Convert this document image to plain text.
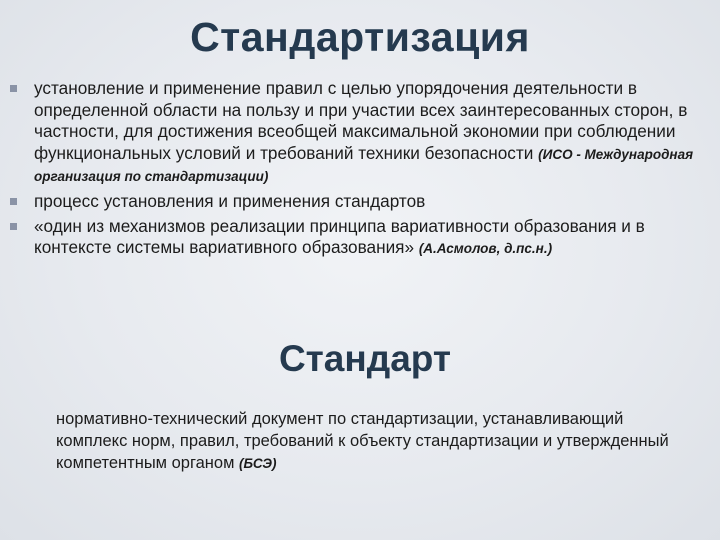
Стандартизация
установление и применение правил с целью упорядочения деятельности в определенной области на пользу и при участии всех заинтересованных сторон, в частности, для достижения всеобщей максимальной экономии при соблюдении функциональных условий и требований техники безопасности (ИСО - Международная организация по стандартизации)
процесс установления и применения стандартов
«один из механизмов реализации принципа вариативности образования и в контексте системы вариативного образования» (А.Асмолов, д.пс.н.)
Стандарт
нормативно-технический документ по стандартизации, устанавливающий комплекс норм, правил, требований к объекту стандартизации и утвержденный компетентным органом (БСЭ)
